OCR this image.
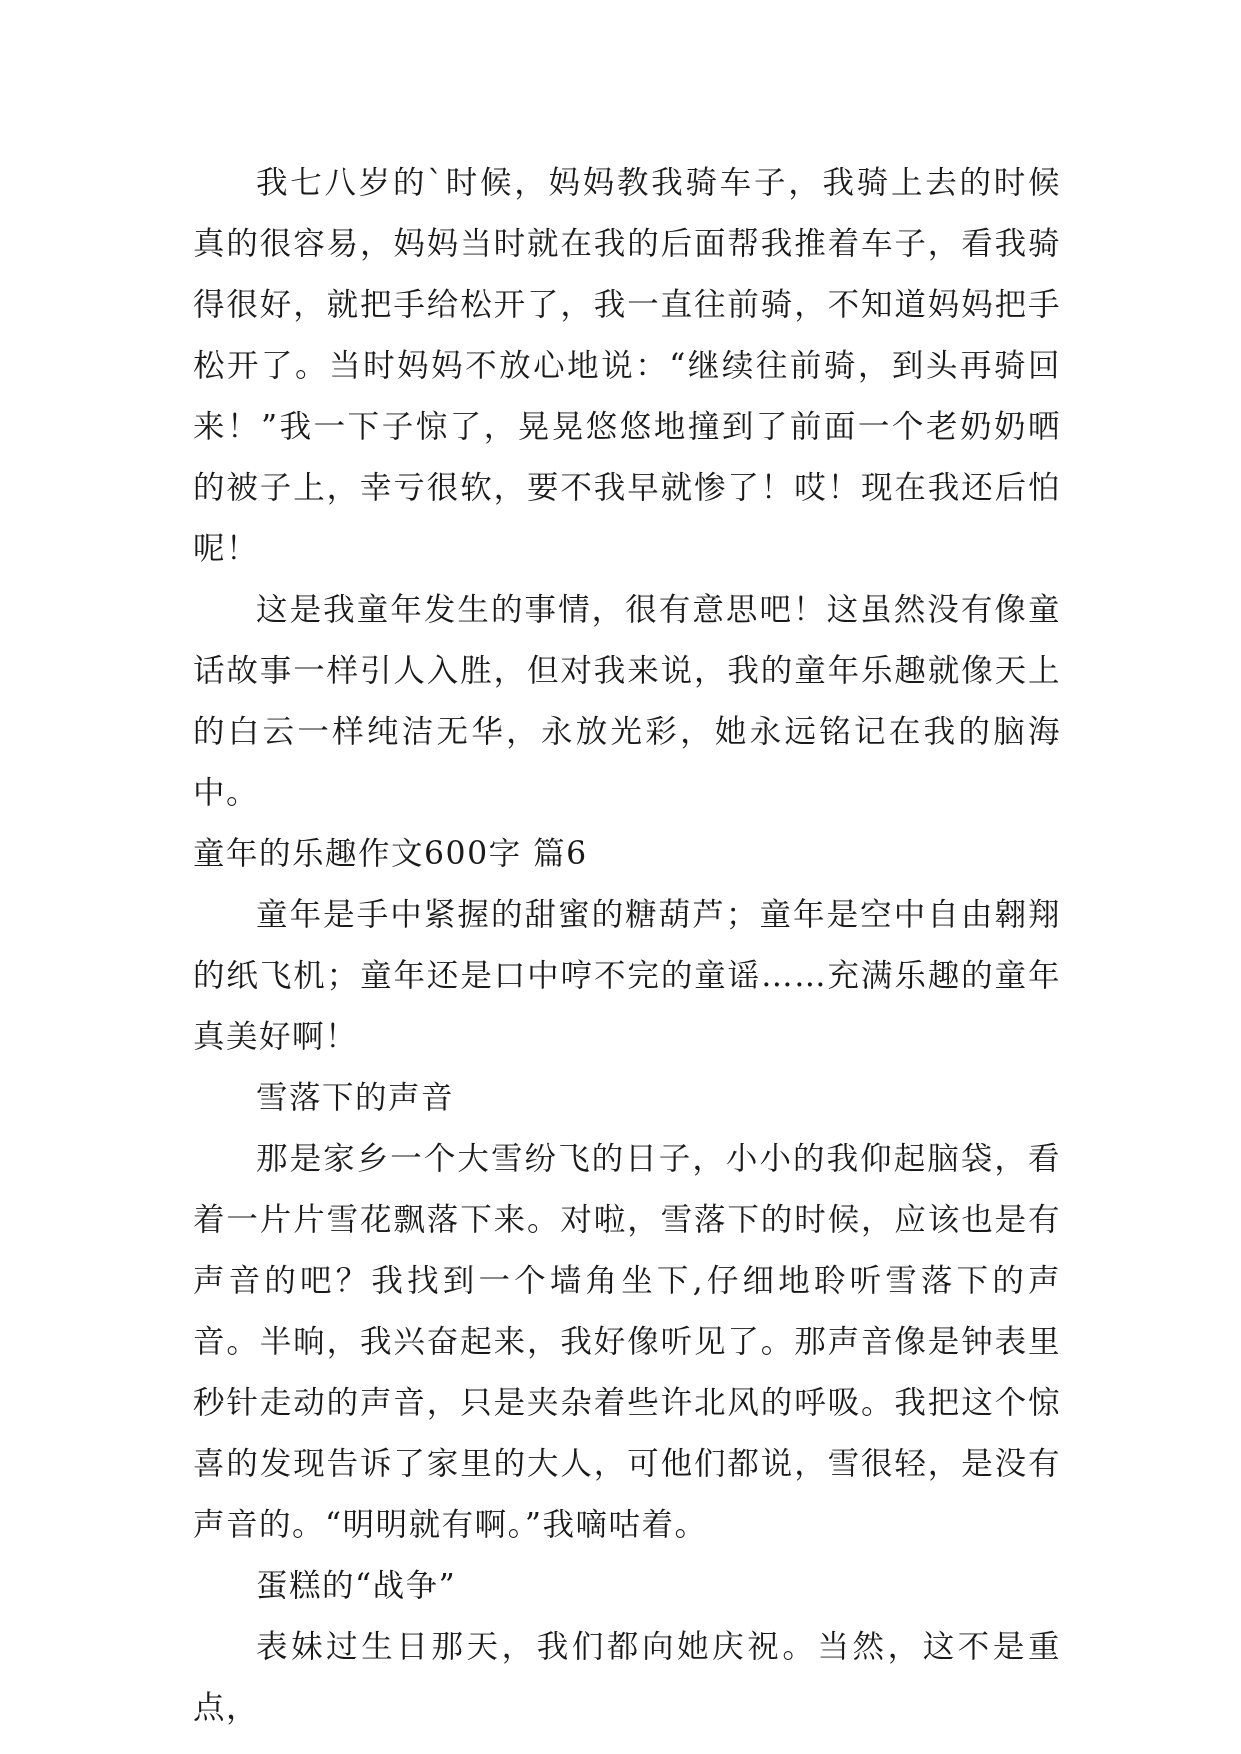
我七八岁的`时候，妈妈教我骑车子，我骑上去的时候真的很容易，妈妈当时就在我的后面帮我推着车子，看我骑得很好，就把手给松开了，我一直往前骑，不知道妈妈把手松开了。当时妈妈不放心地说：“继续往前骑，到头再骑回来！”我一下子惊了，晃晃悠悠地撞到了前面一个老奶奶晒的被子上，幸亏很软，要不我早就惨了！哎！现在我还后怕呢！

这是我童年发生的事情，很有意思吧！这虽然没有像童话故事一样引人入胜，但对我来说，我的童年乐趣就像天上的白云一样纯洁无华，永放光彩，她永远铭记在我的脑海中。

童年的乐趣作文600字 篇6

童年是手中紧握的甜蜜的糖葫芦；童年是空中自由翱翔的纸飞机；童年还是口中哼不完的童谣……充满乐趣的童年真美好啊！

雪落下的声音

那是家乡一个大雪纷飞的日子，小小的我仰起脑袋，看着一片片雪花飘落下来。对啦，雪落下的时候，应该也是有声音的吧？我找到一个墙角坐下,仔细地聆听雪落下的声音。半晌，我兴奋起来，我好像听见了。那声音像是钟表里秒针走动的声音，只是夹杂着些许北风的呼吸。我把这个惊喜的发现告诉了家里的大人，可他们都说，雪很轻，是没有声音的。“明明就有啊。”我嘀咕着。

蛋糕的“战争”

表妹过生日那天，我们都向她庆祝。当然，这不是重点，
